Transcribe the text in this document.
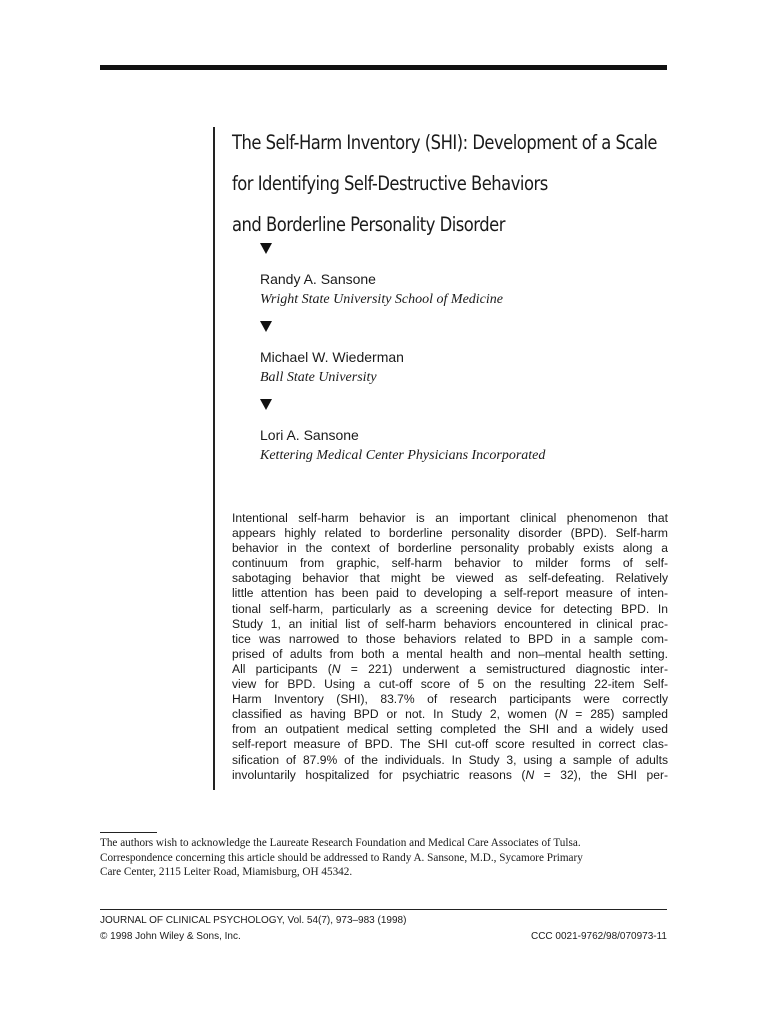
The Self-Harm Inventory (SHI): Development of a Scale
for Identifying Self-Destructive Behaviors
and Borderline Personality Disorder
Randy A. Sansone
Wright State University School of Medicine
Michael W. Wiederman
Ball State University
Lori A. Sansone
Kettering Medical Center Physicians Incorporated
Intentional self-harm behavior is an important clinical phenomenon that
appears highly related to borderline personality disorder (BPD). Self-harm
behavior in the context of borderline personality probably exists along a
continuum from graphic, self-harm behavior to milder forms of self-
sabotaging behavior that might be viewed as self-defeating. Relatively
little attention has been paid to developing a self-report measure of inten-
tional self-harm, particularly as a screening device for detecting BPD. In
Study 1, an initial list of self-harm behaviors encountered in clinical prac-
tice was narrowed to those behaviors related to BPD in a sample com-
prised of adults from both a mental health and non–mental health setting.
All participants (N = 221) underwent a semistructured diagnostic inter-
view for BPD. Using a cut-off score of 5 on the resulting 22-item Self-
Harm Inventory (SHI), 83.7% of research participants were correctly
classified as having BPD or not. In Study 2, women (N = 285) sampled
from an outpatient medical setting completed the SHI and a widely used
self-report measure of BPD. The SHI cut-off score resulted in correct clas-
sification of 87.9% of the individuals. In Study 3, using a sample of adults
involuntarily hospitalized for psychiatric reasons (N = 32), the SHI per-
The authors wish to acknowledge the Laureate Research Foundation and Medical Care Associates of Tulsa.
Correspondence concerning this article should be addressed to Randy A. Sansone, M.D., Sycamore Primary
Care Center, 2115 Leiter Road, Miamisburg, OH 45342.
JOURNAL OF CLINICAL PSYCHOLOGY, Vol. 54(7), 973–983 (1998)
© 1998 John Wiley & Sons, Inc.	CCC 0021-9762/98/070973-11
